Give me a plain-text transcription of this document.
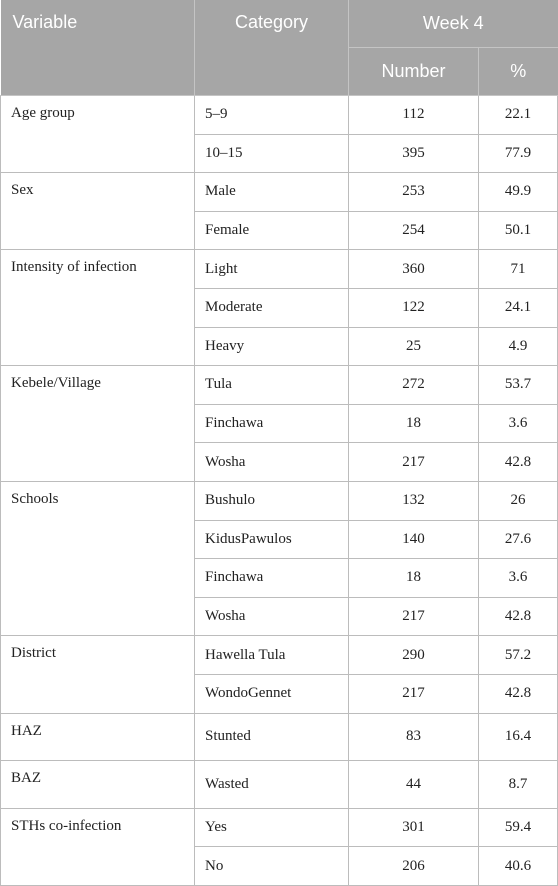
Variable	Category	Week 4	
		Number	%
Age group	5–9	112	22.1
	10–15	395	77.9
Sex	Male	253	49.9
	Female	254	50.1
Intensity of infection	Light	360	71
	Moderate	122	24.1
	Heavy	25	4.9
Kebele/Village	Tula	272	53.7
	Finchawa	18	3.6
	Wosha	217	42.8
Schools	Bushulo	132	26
	KidusPawulos	140	27.6
	Finchawa	18	3.6
	Wosha	217	42.8
District	Hawella Tula	290	57.2
	WondoGennet	217	42.8
HAZ	Stunted	83	16.4
BAZ	Wasted	44	8.7
STHs co-infection	Yes	301	59.4
	No	206	40.6
